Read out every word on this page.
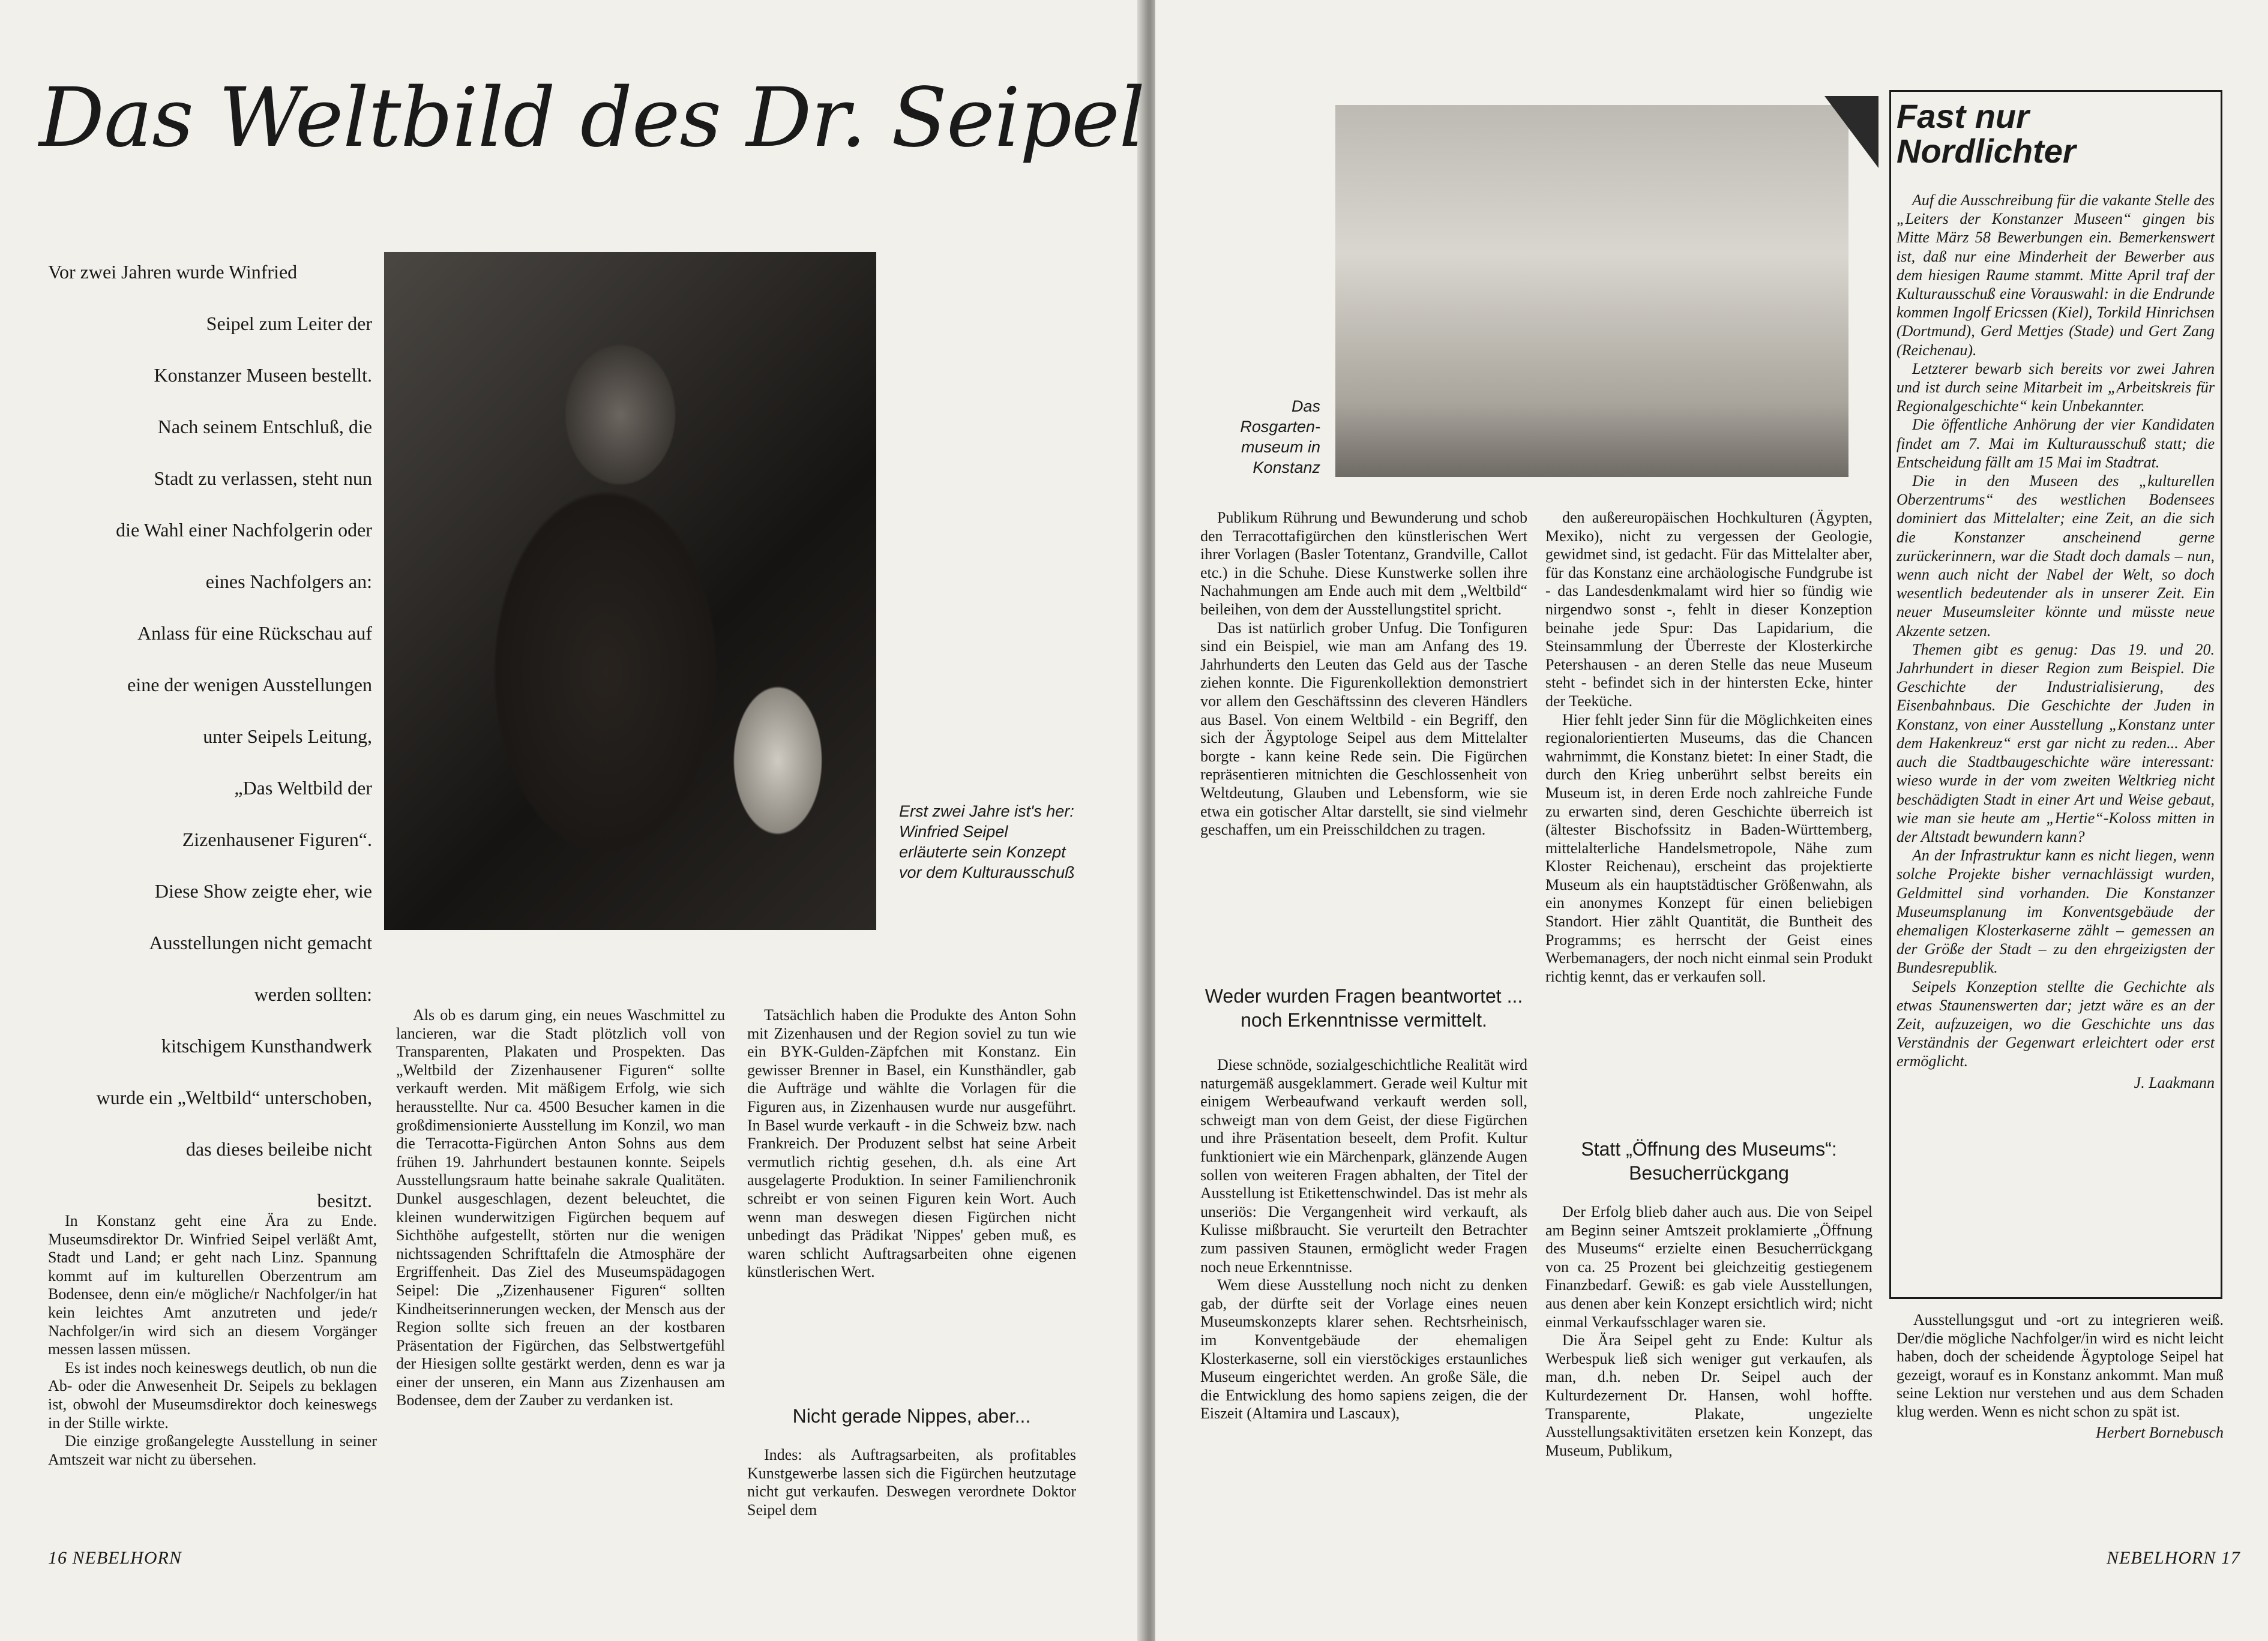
Das Weltbild des Dr. Seipel
Vor zwei Jahren wurde Winfried
Seipel zum Leiter der
Konstanzer Museen bestellt.
Nach seinem Entschluß, die
Stadt zu verlassen, steht nun
die Wahl einer Nachfolgerin oder
eines Nachfolgers an:
Anlass für eine Rückschau auf
eine der wenigen Ausstellungen
unter Seipels Leitung,
„Das Weltbild der
Zizenhausener Figuren“.
Diese Show zeigte eher, wie
Ausstellungen nicht gemacht
werden sollten:
kitschigem Kunsthandwerk
wurde ein „Weltbild“ unterschoben,
das dieses beileibe nicht
besitzt.
Erst zwei Jahre ist's her: Winfried Seipel erläuterte sein Konzept vor dem Kulturausschuß

In Konstanz geht eine Ära zu Ende. Museumsdirektor Dr. Winfried Seipel verläßt Amt, Stadt und Land; er geht nach Linz. Spannung kommt auf im kulturellen Oberzentrum am Bodensee, denn ein/e mögliche/r Nachfolger/in hat kein leichtes Amt anzutreten und jede/r Nachfolger/in wird sich an diesem Vorgänger messen lassen müssen.

Es ist indes noch keineswegs deutlich, ob nun die Ab- oder die Anwesenheit Dr. Seipels zu beklagen ist, obwohl der Museumsdirektor doch keineswegs in der Stille wirkte.

Die einzige großangelegte Ausstellung in seiner Amtszeit war nicht zu übersehen.

Als ob es darum ging, ein neues Waschmittel zu lancieren, war die Stadt plötzlich voll von Transparenten, Plakaten und Prospekten. Das „Weltbild der Zizenhausener Figuren“ sollte verkauft werden. Mit mäßigem Erfolg, wie sich herausstellte. Nur ca. 4500 Besucher kamen in die großdimensionierte Ausstellung im Konzil, wo man die Terracotta-Figürchen Anton Sohns aus dem frühen 19. Jahrhundert bestaunen konnte. Seipels Ausstellungsraum hatte beinahe sakrale Qualitäten. Dunkel ausgeschlagen, dezent beleuchtet, die kleinen wunderwitzigen Figürchen bequem auf Sichthöhe aufgestellt, störten nur die wenigen nichtssagenden Schrifttafeln die Atmosphäre der Ergriffenheit. Das Ziel des Museumspädagogen Seipel: Die „Zizenhausener Figuren“ sollten Kindheitserinnerungen wecken, der Mensch aus der Region sollte sich freuen an der kostbaren Präsentation der Figürchen, das Selbstwertgefühl der Hiesigen sollte gestärkt werden, denn es war ja einer der unseren, ein Mann aus Zizenhausen am Bodensee, dem der Zauber zu verdanken ist.

Tatsächlich haben die Produkte des Anton Sohn mit Zizenhausen und der Region soviel zu tun wie ein BYK-Gulden-Zäpfchen mit Konstanz. Ein gewisser Brenner in Basel, ein Kunsthändler, gab die Aufträge und wählte die Vorlagen für die Figuren aus, in Zizenhausen wurde nur ausgeführt. In Basel wurde verkauft - in die Schweiz bzw. nach Frankreich. Der Produzent selbst hat seine Arbeit vermutlich richtig gesehen, d.h. als eine Art ausgelagerte Produktion. In seiner Familienchronik schreibt er von seinen Figuren kein Wort. Auch wenn man deswegen diesen Figürchen nicht unbedingt das Prädikat 'Nippes' geben muß, es waren schlicht Auftragsarbeiten ohne eigenen künstlerischen Wert.

Nicht gerade Nippes, aber...

Indes: als Auftragsarbeiten, als profitables Kunstgewerbe lassen sich die Figürchen heutzutage nicht gut verkaufen. Deswegen verordnete Doktor Seipel dem

16 NEBELHORN
Das Rosgarten-museum in Konstanz

Publikum Rührung und Bewunderung und schob den Terracottafigürchen den künstlerischen Wert ihrer Vorlagen (Basler Totentanz, Grandville, Callot etc.) in die Schuhe. Diese Kunstwerke sollen ihre Nachahmungen am Ende auch mit dem „Weltbild“ beileihen, von dem der Ausstellungstitel spricht.

Das ist natürlich grober Unfug. Die Tonfiguren sind ein Beispiel, wie man am Anfang des 19. Jahrhunderts den Leuten das Geld aus der Tasche ziehen konnte. Die Figurenkollektion demonstriert vor allem den Geschäftssinn des cleveren Händlers aus Basel. Von einem Weltbild - ein Begriff, den sich der Ägyptologe Seipel aus dem Mittelalter borgte - kann keine Rede sein. Die Figürchen repräsentieren mitnichten die Geschlossenheit von Weltdeutung, Glauben und Lebensform, wie sie etwa ein gotischer Altar darstellt, sie sind vielmehr geschaffen, um ein Preisschildchen zu tragen.

Weder wurden Fragen beantwortet ... noch Erkenntnisse vermittelt.

Diese schnöde, sozialgeschichtliche Realität wird naturgemäß ausgeklammert. Gerade weil Kultur mit einigem Werbeaufwand verkauft werden soll, schweigt man von dem Geist, der diese Figürchen und ihre Präsentation beseelt, dem Profit. Kultur funktioniert wie ein Märchenpark, glänzende Augen sollen von weiteren Fragen abhalten, der Titel der Ausstellung ist Etikettenschwindel. Das ist mehr als unseriös: Die Vergangenheit wird verkauft, als Kulisse mißbraucht. Sie verurteilt den Betrachter zum passiven Staunen, ermöglicht weder Fragen noch neue Erkenntnisse.

Wem diese Ausstellung noch nicht zu denken gab, der dürfte seit der Vorlage eines neuen Museumskonzepts klarer sehen. Rechtsrheinisch, im Konventgebäude der ehemaligen Klosterkaserne, soll ein vierstöckiges erstaunliches Museum eingerichtet werden. An große Säle, die die Entwicklung des homo sapiens zeigen, die der Eiszeit (Altamira und Lascaux),

den außereuropäischen Hochkulturen (Ägypten, Mexiko), nicht zu vergessen der Geologie, gewidmet sind, ist gedacht. Für das Mittelalter aber, für das Konstanz eine archäologische Fundgrube ist - das Landesdenkmalamt wird hier so fündig wie nirgendwo sonst -, fehlt in dieser Konzeption beinahe jede Spur: Das Lapidarium, die Steinsammlung der Überreste der Klosterkirche Petershausen - an deren Stelle das neue Museum steht - befindet sich in der hintersten Ecke, hinter der Teeküche.

Hier fehlt jeder Sinn für die Möglichkeiten eines regionalorientierten Museums, das die Chancen wahrnimmt, die Konstanz bietet: In einer Stadt, die durch den Krieg unberührt selbst bereits ein Museum ist, in deren Erde noch zahlreiche Funde zu erwarten sind, deren Geschichte überreich ist (ältester Bischofssitz in Baden-Württemberg, mittelalterliche Handelsmetropole, Nähe zum Kloster Reichenau), erscheint das projektierte Museum als ein hauptstädtischer Größenwahn, als ein anonymes Konzept für einen beliebigen Standort. Hier zählt Quantität, die Buntheit des Programms; es herrscht der Geist eines Werbemanagers, der noch nicht einmal sein Produkt richtig kennt, das er verkaufen soll.

Statt „Öffnung des Museums“: Besucherrückgang

Der Erfolg blieb daher auch aus. Die von Seipel am Beginn seiner Amtszeit proklamierte „Öffnung des Museums“ erzielte einen Besucherrückgang von ca. 25 Prozent bei gleichzeitig gestiegenem Finanzbedarf. Gewiß: es gab viele Ausstellungen, aus denen aber kein Konzept ersichtlich wird; nicht einmal Verkaufsschlager waren sie.

Die Ära Seipel geht zu Ende: Kultur als Werbespuk ließ sich weniger gut verkaufen, als man, d.h. neben Dr. Seipel auch der Kulturdezernent Dr. Hansen, wohl hoffte. Transparente, Plakate, ungezielte Ausstellungsaktivitäten ersetzen kein Konzept, das Museum, Publikum,

Fast nur
Nordlichter

Auf die Ausschreibung für die vakante Stelle des „Leiters der Konstanzer Museen“ gingen bis Mitte März 58 Bewerbungen ein. Bemerkenswert ist, daß nur eine Minderheit der Bewerber aus dem hiesigen Raume stammt. Mitte April traf der Kulturausschuß eine Vorauswahl: in die Endrunde kommen Ingolf Ericssen (Kiel), Torkild Hinrichsen (Dortmund), Gerd Mettjes (Stade) und Gert Zang (Reichenau).

Letzterer bewarb sich bereits vor zwei Jahren und ist durch seine Mitarbeit im „Arbeitskreis für Regionalgeschichte“ kein Unbekannter.

Die öffentliche Anhörung der vier Kandidaten findet am 7. Mai im Kulturausschuß statt; die Entscheidung fällt am 15 Mai im Stadtrat.

Die in den Museen des „kulturellen Oberzentrums“ des westlichen Bodensees dominiert das Mittelalter; eine Zeit, an die sich die Konstanzer anscheinend gerne zurückerinnern, war die Stadt doch damals – nun, wenn auch nicht der Nabel der Welt, so doch wesentlich bedeutender als in unserer Zeit. Ein neuer Museumsleiter könnte und müsste neue Akzente setzen.

Themen gibt es genug: Das 19. und 20. Jahrhundert in dieser Region zum Beispiel. Die Geschichte der Industrialisierung, des Eisenbahnbaus. Die Geschichte der Juden in Konstanz, von einer Ausstellung „Konstanz unter dem Hakenkreuz“ erst gar nicht zu reden... Aber auch die Stadtbaugeschichte wäre interessant: wieso wurde in der vom zweiten Weltkrieg nicht beschädigten Stadt in einer Art und Weise gebaut, wie man sie heute am „Hertie“-Koloss mitten in der Altstadt bewundern kann?

An der Infrastruktur kann es nicht liegen, wenn solche Projekte bisher vernachlässigt wurden, Geldmittel sind vorhanden. Die Konstanzer Museumsplanung im Konventsgebäude der ehemaligen Klosterkaserne zählt – gemessen an der Größe der Stadt – zu den ehrgeizigsten der Bundesrepublik.

Seipels Konzeption stellte die Gechichte als etwas Staunenswerten dar; jetzt wäre es an der Zeit, aufzuzeigen, wo die Geschichte uns das Verständnis der Gegenwart erleichtert oder erst ermöglicht.

J. Laakmann

Ausstellungsgut und -ort zu integrieren weiß. Der/die mögliche Nachfolger/in wird es nicht leicht haben, doch der scheidende Ägyptologe Seipel hat gezeigt, worauf es in Konstanz ankommt. Man muß seine Lektion nur verstehen und aus dem Schaden klug werden. Wenn es nicht schon zu spät ist.

Herbert Bornebusch
NEBELHORN 17
